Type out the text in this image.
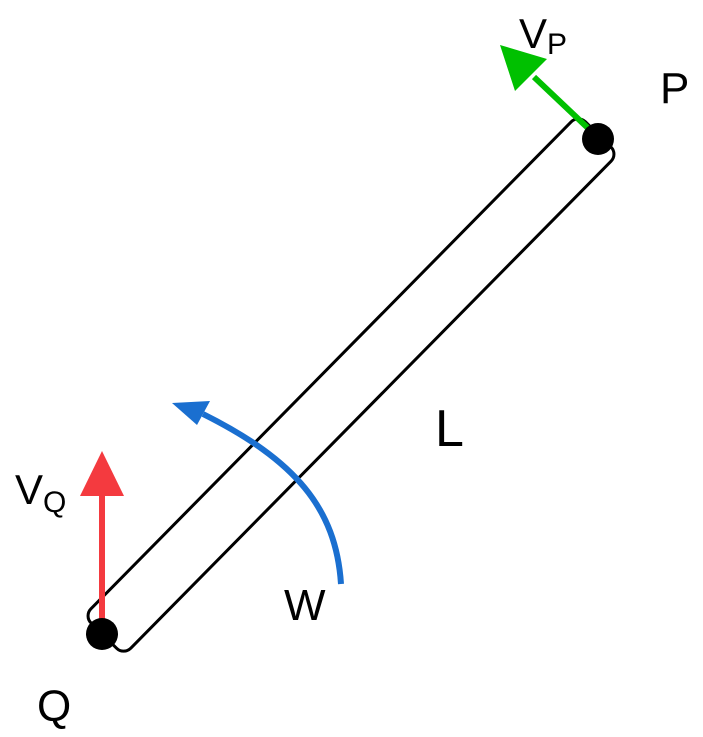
P
Q
L
W
VP
VQ
